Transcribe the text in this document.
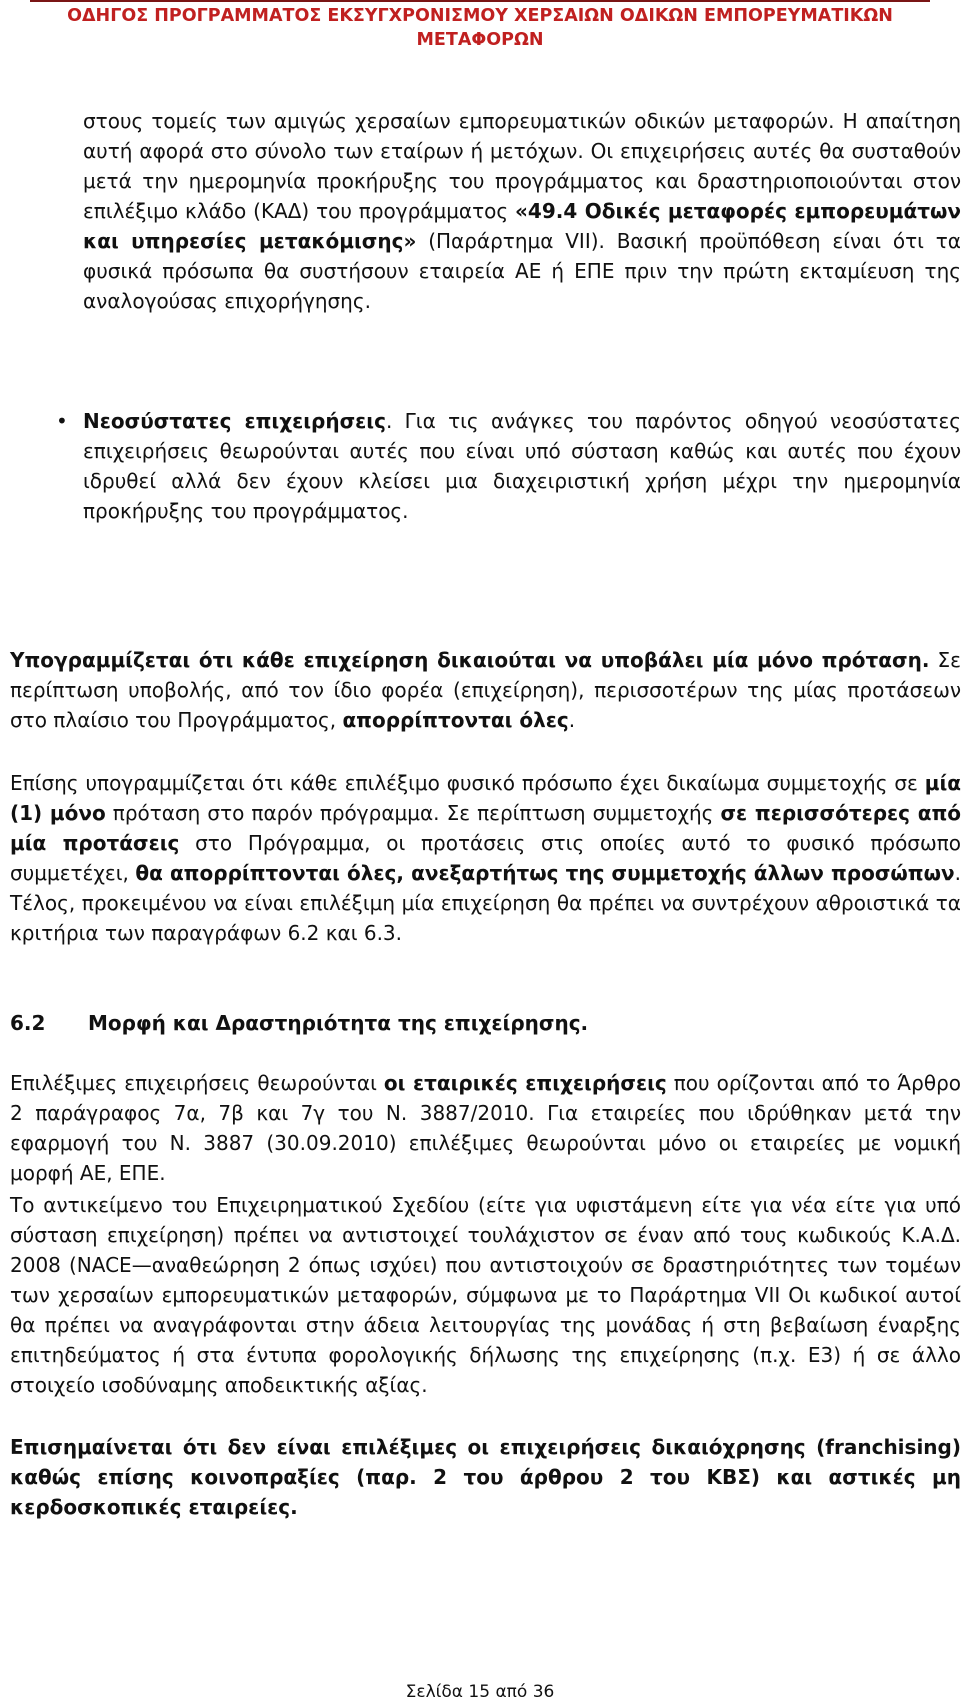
ΟΔΗΓΟΣ ΠΡΟΓΡΑΜΜΑΤΟΣ ΕΚΣΥΓΧΡΟΝΙΣΜΟΥ ΧΕΡΣΑΙΩΝ ΟΔΙΚΩΝ ΕΜΠΟΡΕΥΜΑΤΙΚΩΝ
ΜΕΤΑΦΟΡΩΝ

στους τομείς των αμιγώς χερσαίων εμπορευματικών οδικών μεταφορών. Η απαίτηση αυτή αφορά στο σύνολο των εταίρων ή μετόχων. Οι επιχειρήσεις αυτές θα συσταθούν μετά την ημερομηνία προκήρυξης του προγράμματος και δραστηριοποιούνται στον επιλέξιμο κλάδο (ΚΑΔ) του προγράμματος «49.4 Οδικές μεταφορές εμπορευμάτων και υπηρεσίες μετακόμισης» (Παράρτημα VII). Βασική προϋπόθεση είναι ότι τα φυσικά πρόσωπα θα συστήσουν εταιρεία ΑΕ ή ΕΠΕ πριν την πρώτη εκταμίευση της αναλογούσας επιχορήγησης.

• Νεοσύστατες επιχειρήσεις. Για τις ανάγκες του παρόντος οδηγού νεοσύστατες επιχειρήσεις θεωρούνται αυτές που είναι υπό σύσταση καθώς και αυτές που έχουν ιδρυθεί αλλά δεν έχουν κλείσει μια διαχειριστική χρήση μέχρι την ημερομηνία προκήρυξης του προγράμματος.

Υπογραμμίζεται ότι κάθε επιχείρηση δικαιούται να υποβάλει μία μόνο πρόταση. Σε περίπτωση υποβολής, από τον ίδιο φορέα (επιχείρηση), περισσοτέρων της μίας προτάσεων στο πλαίσιο του Προγράμματος, απορρίπτονται όλες.

Επίσης υπογραμμίζεται ότι κάθε επιλέξιμο φυσικό πρόσωπο έχει δικαίωμα συμμετοχής σε μία (1) μόνο πρόταση στο παρόν πρόγραμμα. Σε περίπτωση συμμετοχής σε περισσότερες από μία προτάσεις στο Πρόγραμμα, οι προτάσεις στις οποίες αυτό το φυσικό πρόσωπο συμμετέχει, θα απορρίπτονται όλες, ανεξαρτήτως της συμμετοχής άλλων προσώπων. Τέλος, προκειμένου να είναι επιλέξιμη μία επιχείρηση θα πρέπει να συντρέχουν αθροιστικά τα κριτήρια των παραγράφων 6.2 και 6.3.

6.2 Μορφή και Δραστηριότητα της επιχείρησης.

Επιλέξιμες επιχειρήσεις θεωρούνται οι εταιρικές επιχειρήσεις που ορίζονται από το Άρθρο 2 παράγραφος 7α, 7β και 7γ του Ν. 3887/2010. Για εταιρείες που ιδρύθηκαν μετά την εφαρμογή του Ν. 3887 (30.09.2010) επιλέξιμες θεωρούνται μόνο οι εταιρείες με νομική μορφή ΑΕ, ΕΠΕ.

Το αντικείμενο του Επιχειρηματικού Σχεδίου (είτε για υφιστάμενη είτε για νέα είτε για υπό σύσταση επιχείρηση) πρέπει να αντιστοιχεί τουλάχιστον σε έναν από τους κωδικούς Κ.Α.Δ. 2008 (NACE—αναθεώρηση 2 όπως ισχύει) που αντιστοιχούν σε δραστηριότητες των τομέων των χερσαίων εμπορευματικών μεταφορών, σύμφωνα με το Παράρτημα VII Οι κωδικοί αυτοί θα πρέπει να αναγράφονται στην άδεια λειτουργίας της μονάδας ή στη βεβαίωση έναρξης επιτηδεύματος ή στα έντυπα φορολογικής δήλωσης της επιχείρησης (π.χ. Ε3) ή σε άλλο στοιχείο ισοδύναμης αποδεικτικής αξίας.

Επισημαίνεται ότι δεν είναι επιλέξιμες οι επιχειρήσεις δικαιόχρησης (franchising) καθώς επίσης κοινοπραξίες (παρ. 2 του άρθρου 2 του ΚΒΣ) και αστικές μη κερδοσκοπικές εταιρείες.

Σελίδα 15 από 36
